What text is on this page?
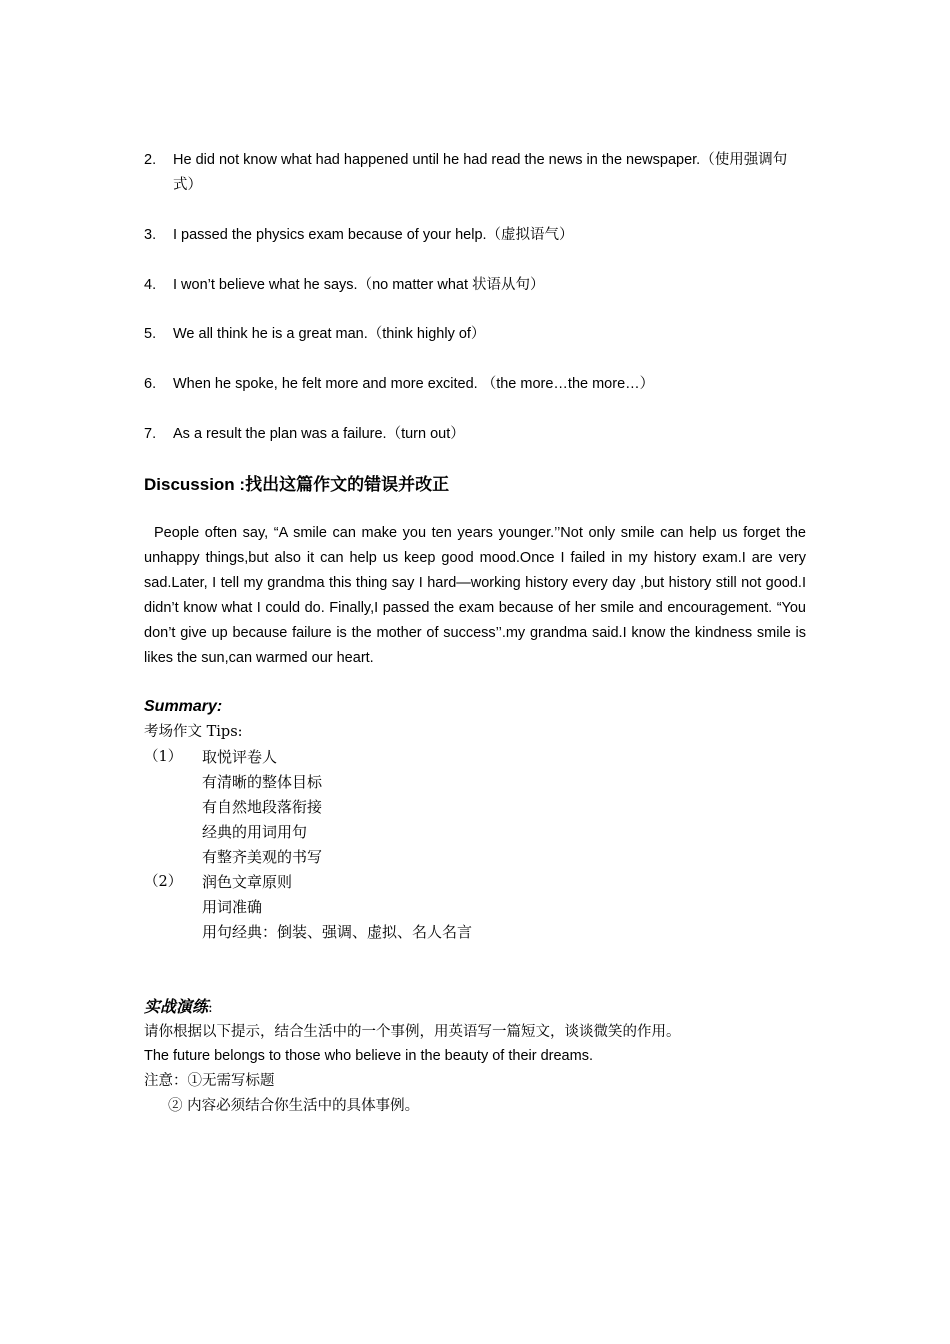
2.	He did not know what had happened until he had read the news in the newspaper.（使用强调句式）
3.	I passed the physics exam because of your help.（虚拟语气）
4.	I won’t believe what he says.（no matter what 状语从句）
5.	We all think he is a great man.（think highly of）
6.	When he spoke, he felt more and more excited. （the more…the more…）
7.	As a result the plan was a failure.（turn out）
Discussion :找出这篇作文的错误并改正
People often say, “A smile can make you ten years younger.’’Not only smile can help us forget the unhappy things,but also it can help us keep good mood.Once I failed in my history exam.I are very sad.Later, I tell my grandma this thing say I hard—working history every day ,but history still not good.I didn’t know what I could do. Finally,I passed the exam because of her smile and encouragement. “You don’t give up because failure is the mother of success’’.my grandma said.I know the kindness smile is likes the sun,can warmed our heart.
Summary:
考场作文 Tips:
（1） 取悦评卷人
有清晰的整体目标
有自然地段落衔接
经典的用词用句
有整齐美观的书写
（2） 润色文章原则
用词准确
用句经典：倒装、强调、虚拟、名人名言
实战演练:
请你根据以下提示，结合生活中的一个事例，用英语写一篇短文，谈谈微笑的作用。
The future belongs to those who believe in the beauty of their dreams.
注意：①无需写标题
② 内容必须结合你生活中的具体事例。
